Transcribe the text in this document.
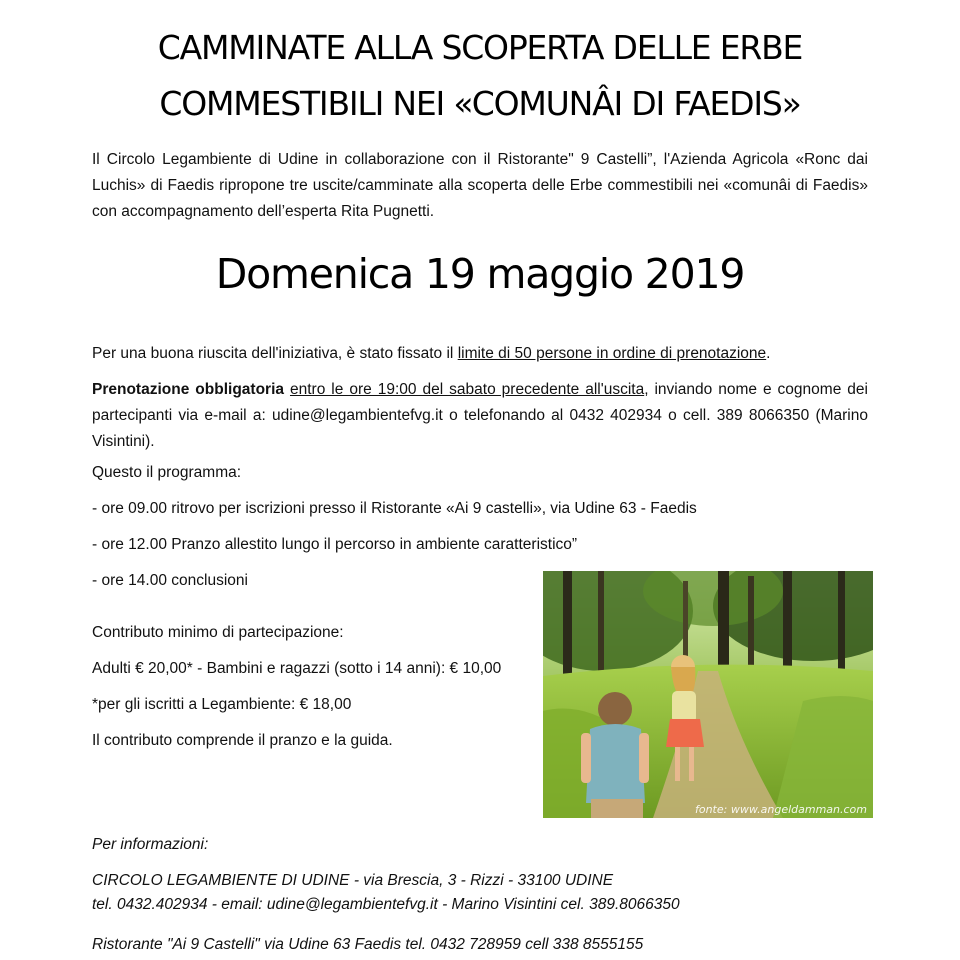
CAMMINATE ALLA SCOPERTA DELLE ERBE
COMMESTIBILI NEI «COMUNÂI DI FAEDIS»

Il Circolo Legambiente di Udine in collaborazione con il Ristorante" 9 Castelli”, l'Azienda Agricola «Ronc dai Luchis» di Faedis ripropone tre uscite/camminate alla scoperta delle Erbe commestibili nei «comunâi di Faedis» con accompagnamento dell’esperta Rita Pugnetti.

Domenica 19 maggio 2019

Per una buona riuscita dell'iniziativa, è stato fissato il limite di 50 persone in ordine di prenotazione.

Prenotazione obbligatoria entro le ore 19:00 del sabato precedente all'uscita, inviando nome e cognome dei partecipanti via e-mail a: udine@legambientefvg.it o telefonando al 0432 402934 o cell. 389 8066350 (Marino Visintini).

Questo il programma:

- ore 09.00 ritrovo per iscrizioni presso il Ristorante «Ai 9 castelli», via Udine 63 - Faedis

- ore 12.00 Pranzo allestito lungo il percorso in ambiente caratteristico”

- ore 14.00 conclusioni

Contributo minimo di partecipazione:

Adulti € 20,00* - Bambini e ragazzi (sotto i 14 anni): € 10,00

*per gli iscritti a Legambiente: € 18,00

Il contributo comprende il pranzo e la guida.

fonte: www.angeldamman.com

Per informazioni:

CIRCOLO LEGAMBIENTE DI UDINE - via Brescia, 3 - Rizzi - 33100 UDINE

tel. 0432.402934 - email: udine@legambientefvg.it - Marino Visintini cel. 389.8066350

Ristorante "Ai 9 Castelli" via Udine 63 Faedis tel. 0432 728959 cell 338 8555155
